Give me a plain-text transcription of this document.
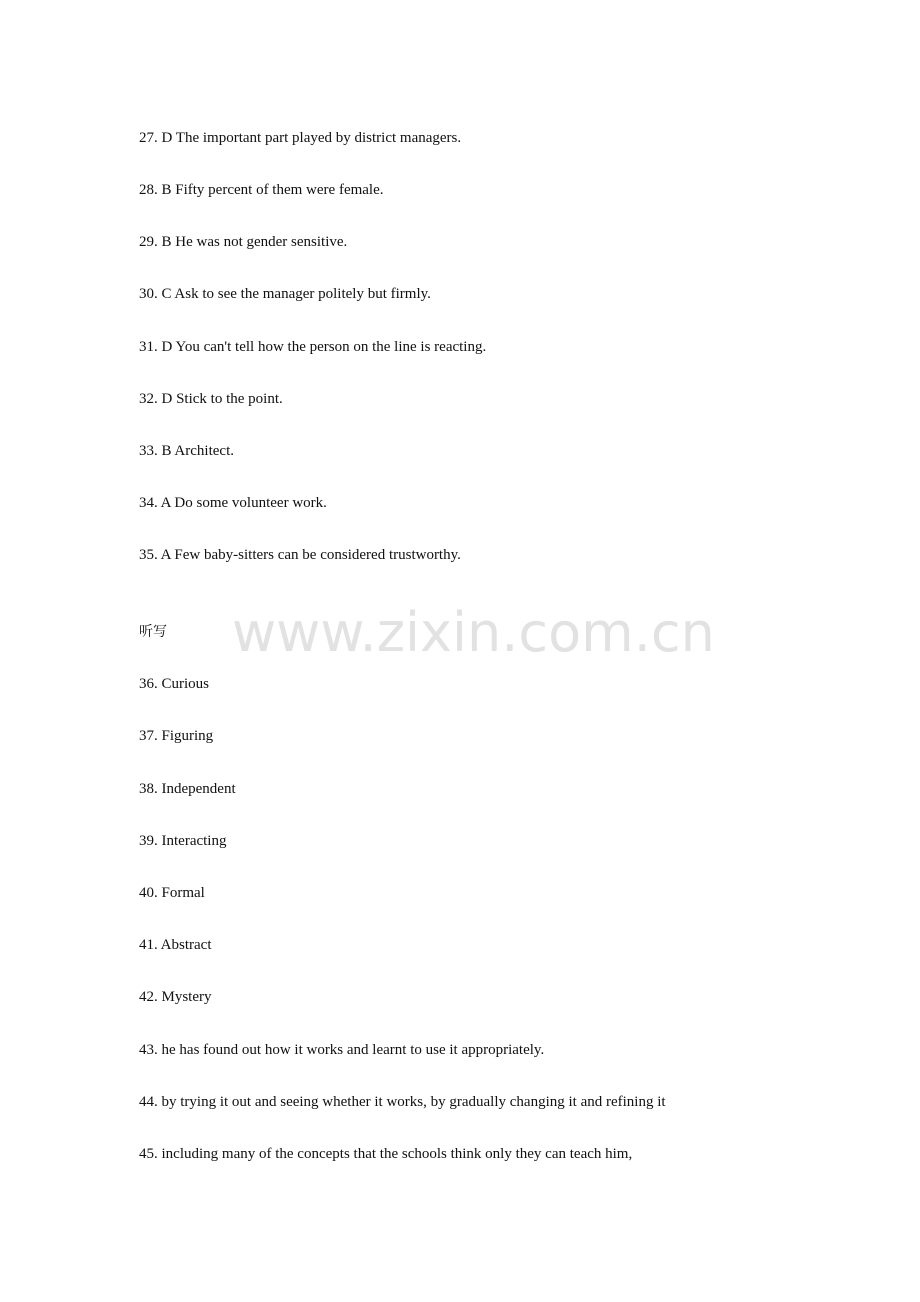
27. D The important part played by district managers.
28. B Fifty percent of them were female.
29. B He was not gender sensitive.
30. C Ask to see the manager politely but firmly.
31. D You can't tell how the person on the line is reacting.
32. D Stick to the point.
33. B Architect.
34. A Do some volunteer work.
35. A Few baby-sitters can be considered trustworthy.
听写 www.zixin.com.cn
36. Curious
37. Figuring
38. Independent
39. Interacting
40. Formal
41. Abstract
42. Mystery
43. he has found out how it works and learnt to use it appropriately.
44. by trying it out and seeing whether it works, by gradually changing it and refining it
45. including many of the concepts that the schools think only they can teach him,
